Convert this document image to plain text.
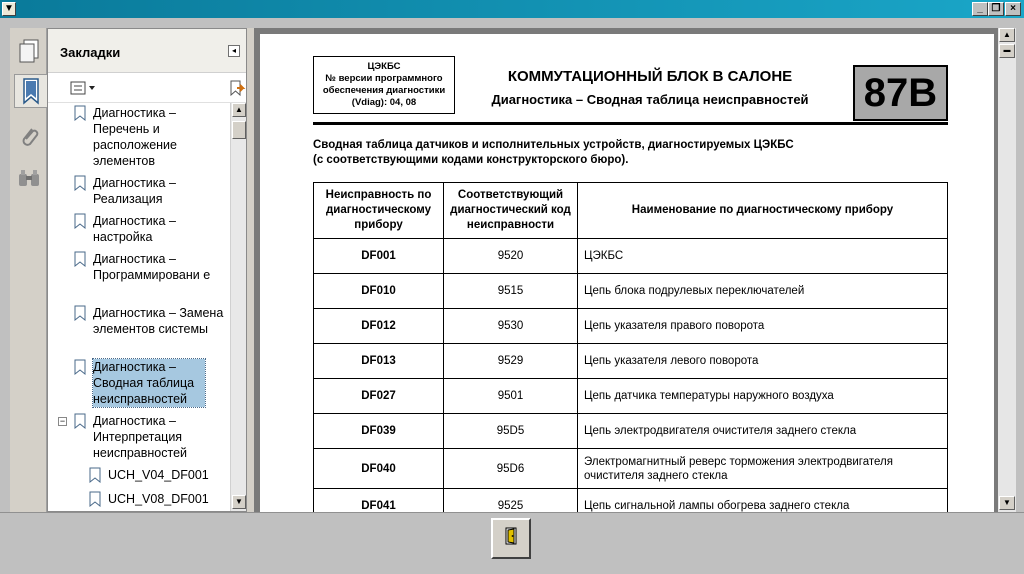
▼	_ ❐ ×
Закладки	◂
Диагностика – Перечень и расположение элементов
Диагностика – Реализация
Диагностика – настройка
Диагностика – Программировани е
Диагностика – Замена элементов системы
Диагностика – Сводная таблица неисправностей
− Диагностика – Интерпретация неисправностей
UCH_V04_DF001
UCH_V08_DF001
▲
▼
ЦЭКБС
№ версии программного
обеспечения диагностики
(Vdiag): 04, 08
КОММУТАЦИОННЫЙ БЛОК В САЛОНЕ
Диагностика – Сводная таблица неисправностей	87B
Сводная таблица датчиков и исполнительных устройств, диагностируемых ЦЭКБС
(с соответствующими кодами конструкторского бюро).
Неисправность по диагностическому прибору	Соответствующий диагностический код неисправности	Наименование по диагностическому прибору
DF001	9520	ЦЭКБС
DF010	9515	Цепь блока подрулевых переключателей
DF012	9530	Цепь указателя правого поворота
DF013	9529	Цепь указателя левого поворота
DF027	9501	Цепь датчика температуры наружного воздуха
DF039	95D5	Цепь электродвигателя очистителя заднего стекла
DF040	95D6	Электромагнитный реверс торможения электродвигателя очистителя заднего стекла
DF041	9525	Цепь сигнальной лампы обогрева заднего стекла
▲
▬
▼
